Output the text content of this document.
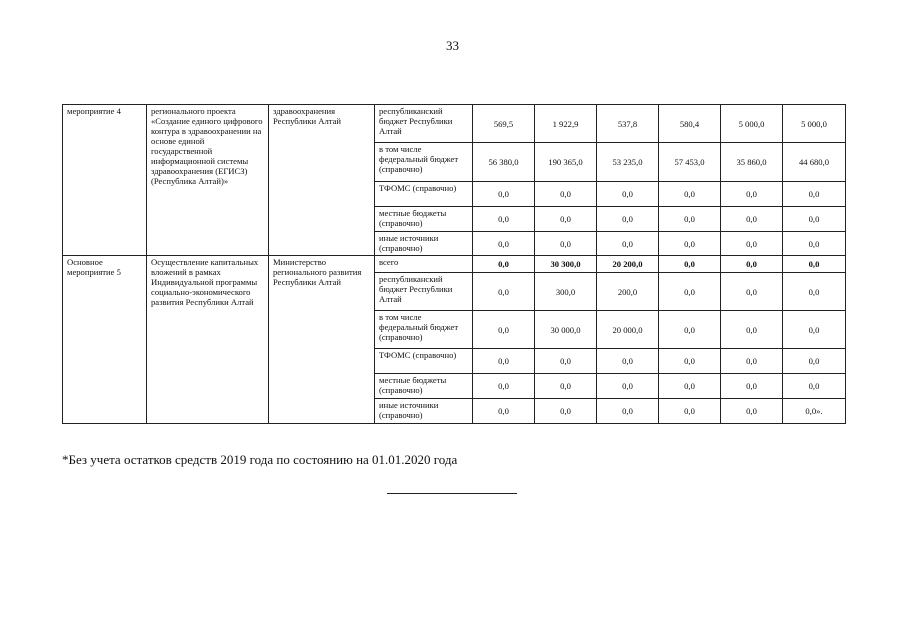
33
мероприятие 4	регионального проекта «Создание единого цифрового контура в здравоохранении на основе единой государственной информационной системы здравоохранения (ЕГИСЗ) (Республика Алтай)»	здравоохранения Республики Алтай	республиканский бюджет Республики Алтай	569,5	1 922,9	537,8	580,4	5 000,0	5 000,0
			в том числе федеральный бюджет (справочно)	56 380,0	190 365,0	53 235,0	57 453,0	35 860,0	44 680,0
			ТФОМС (справочно)	0,0	0,0	0,0	0,0	0,0	0,0
			местные бюджеты (справочно)	0,0	0,0	0,0	0,0	0,0	0,0
			иные источники (справочно)	0,0	0,0	0,0	0,0	0,0	0,0
Основное мероприятие 5	Осуществление капитальных вложений в рамках Индивидуальной программы социально-экономического развития Республики Алтай	Министерство регионального развития Республики Алтай	всего	0,0	30 300,0	20 200,0	0,0	0,0	0,0
			республиканский бюджет Республики Алтай	0,0	300,0	200,0	0,0	0,0	0,0
			в том числе федеральный бюджет (справочно)	0,0	30 000,0	20 000,0	0,0	0,0	0,0
			ТФОМС (справочно)	0,0	0,0	0,0	0,0	0,0	0,0
			местные бюджеты (справочно)	0,0	0,0	0,0	0,0	0,0	0,0
			иные источники (справочно)	0,0	0,0	0,0	0,0	0,0	0,0».
*Без учета остатков средств 2019 года по состоянию на 01.01.2020 года
